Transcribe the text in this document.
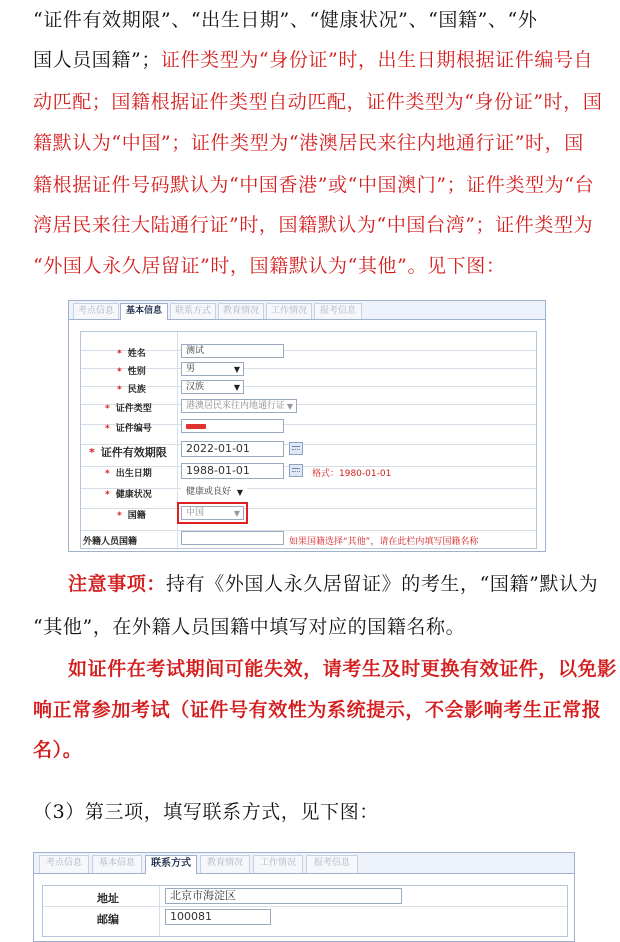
“证件有效期限”、“出生日期”、“健康状况”、“国籍”、“外
国人员国籍”；证件类型为“身份证”时，出生日期根据证件编号自
动匹配；国籍根据证件类型自动匹配，证件类型为“身份证”时，国
籍默认为“中国”；证件类型为“港澳居民来往内地通行证”时，国
籍根据证件号码默认为“中国香港”或“中国澳门”；证件类型为“台
湾居民来往大陆通行证”时，国籍默认为“中国台湾”；证件类型为
“外国人永久居留证”时，国籍默认为“其他”。见下图：
考点信息	基本信息	联系方式	教育情况	工作情况	报考信息
* 姓名	测试
* 性别	男	▼
* 民族	汉族	▼
* 证件类型	港澳居民来往内地通行证 ▼
* 证件编号
* 证件有效期限	2022-01-01
* 出生日期	1988-01-01	格式：1980-01-01
* 健康状况	健康或良好 ▼
* 国籍	中国	▼
外籍人员国籍	如果国籍选择“其他”，请在此栏内填写国籍名称
注意事项：持有《外国人永久居留证》的考生，“国籍”默认为
“其他”，在外籍人员国籍中填写对应的国籍名称。
如证件在考试期间可能失效，请考生及时更换有效证件，以免影
响正常参加考试（证件号有效性为系统提示，不会影响考生正常报
名）。
（3）第三项，填写联系方式，见下图：
考点信息	基本信息	联系方式	教育情况	工作情况	报考信息
地址	北京市海淀区
邮编	100081
